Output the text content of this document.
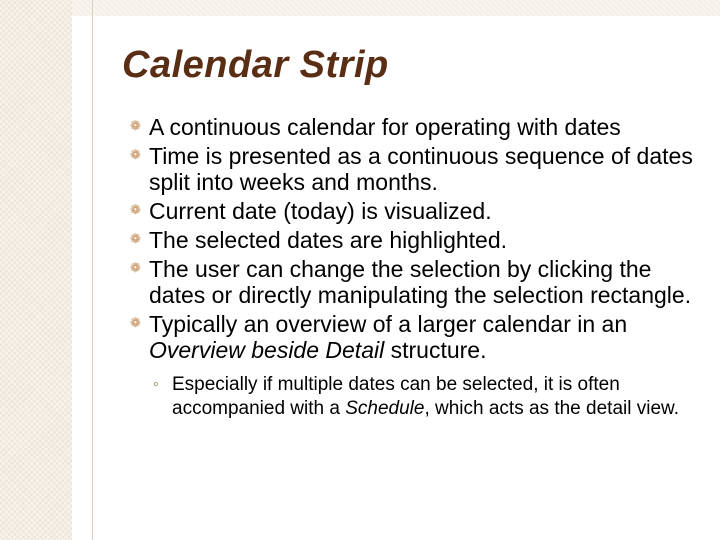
Calendar Strip
❁ A continuous calendar for operating with dates
❁ Time is presented as a continuous sequence of dates split into weeks and months.
❁ Current date (today) is visualized.
❁ The selected dates are highlighted.
❁ The user can change the selection by clicking the dates or directly manipulating the selection rectangle.
❁ Typically an overview of a larger calendar in an Overview beside Detail structure.
◦ Especially if multiple dates can be selected, it is often accompanied with a Schedule, which acts as the detail view.
